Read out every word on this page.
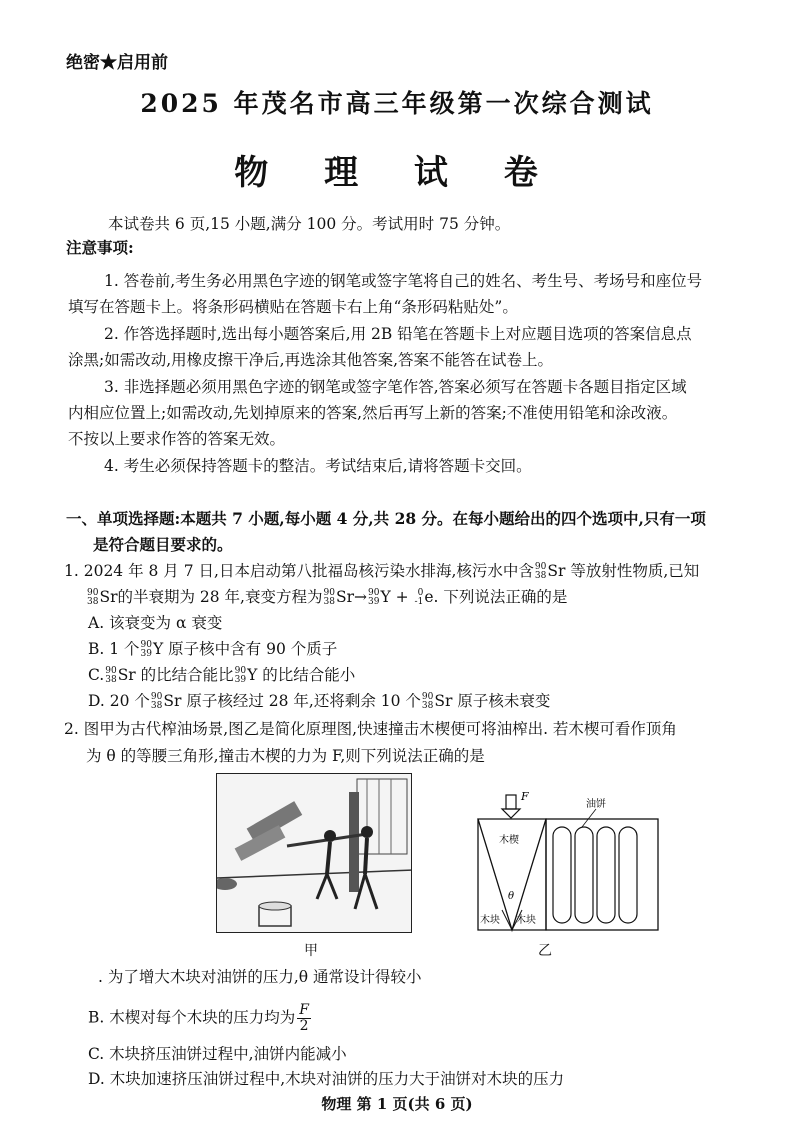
绝密★启用前
2025 年茂名市高三年级第一次综合测试
物 理 试 卷
本试卷共 6 页,15 小题,满分 100 分。考试用时 75 分钟。
注意事项:
1. 答卷前,考生务必用黑色字迹的钢笔或签字笔将自己的姓名、考生号、考场号和座位号
填写在答题卡上。将条形码横贴在答题卡右上角“条形码粘贴处”。
2. 作答选择题时,选出每小题答案后,用 2B 铅笔在答题卡上对应题目选项的答案信息点
涂黑;如需改动,用橡皮擦干净后,再选涂其他答案,答案不能答在试卷上。
3. 非选择题必须用黑色字迹的钢笔或签字笔作答,答案必须写在答题卡各题目指定区域
内相应位置上;如需改动,先划掉原来的答案,然后再写上新的答案;不准使用铅笔和涂改液。
不按以上要求作答的答案无效。
4. 考生必须保持答题卡的整洁。考试结束后,请将答题卡交回。
一、单项选择题:本题共 7 小题,每小题 4 分,共 28 分。在每小题给出的四个选项中,只有一项
是符合题目要求的。
1. 2024 年 8 月 7 日,日本启动第八批福岛核污染水排海,核污水中含 90
38 Sr 等放射性物质,已知
90
38 Sr的半衰期为 28 年,衰变方程为 90
38 Sr→ 90
39 Y + 0
-1 e. 下列说法正确的是
A. 该衰变为 α 衰变
B. 1 个 90
39 Y 原子核中含有 90 个质子
C. 90
38 Sr 的比结合能比 90
39 Y 的比结合能小
D. 20 个 90
38 Sr 原子核经过 28 年,还将剩余 10 个 90
38 Sr 原子核未衰变
2. 图甲为古代榨油场景,图乙是简化原理图,快速撞击木楔便可将油榨出. 若木楔可看作顶角
为 θ 的等腰三角形,撞击木楔的力为 F,则下列说法正确的是
甲
F
木楔
θ
木块 木块
油饼
乙
. 为了增大木块对油饼的压力,θ 通常设计得较小
B. 木楔对每个木块的压力均为 $\frac{F}{2}$
C. 木块挤压油饼过程中,油饼内能减小
D. 木块加速挤压油饼过程中,木块对油饼的压力大于油饼对木块的压力
物理 第 1 页(共 6 页)
